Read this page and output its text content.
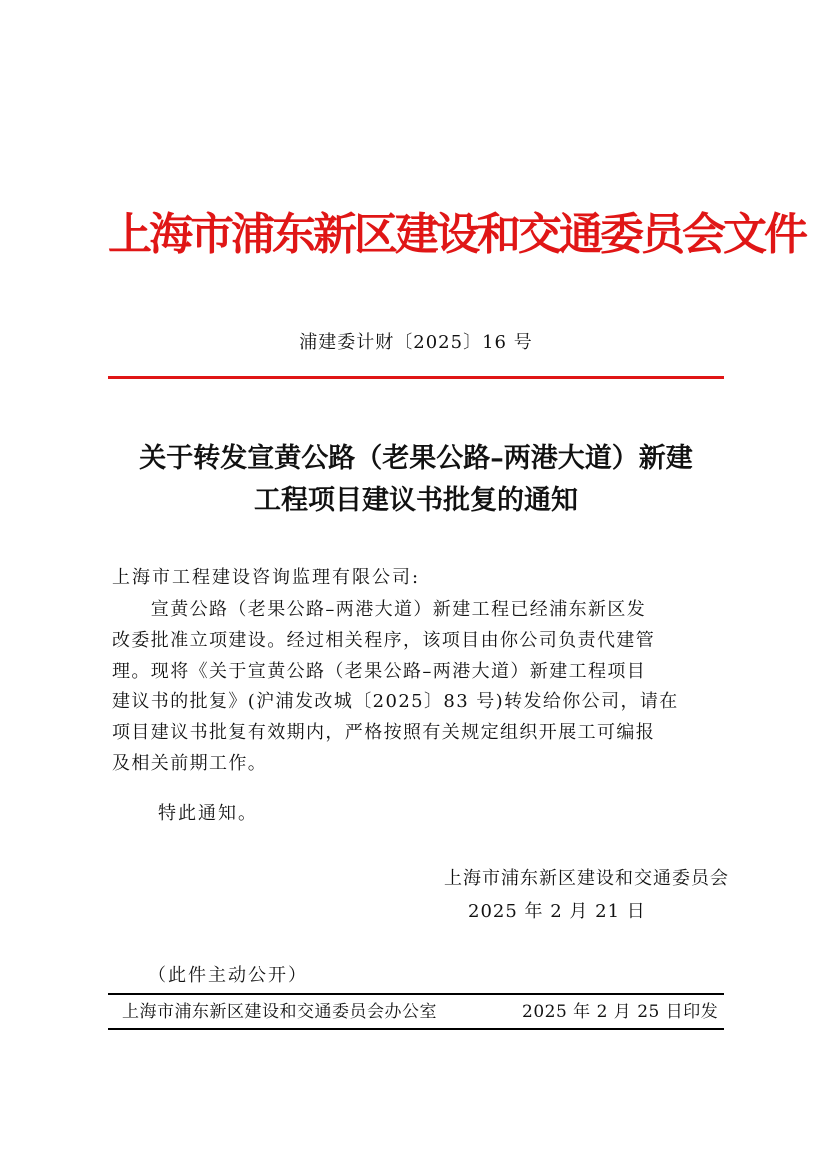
上海市浦东新区建设和交通委员会文件
浦建委计财〔2025〕16 号
关于转发宣黄公路（老果公路–两港大道）新建
工程项目建议书批复的通知
上海市工程建设咨询监理有限公司:
　　宣黄公路（老果公路–两港大道）新建工程已经浦东新区发
改委批准立项建设。经过相关程序，该项目由你公司负责代建管
理。现将《关于宣黄公路（老果公路–两港大道）新建工程项目
建议书的批复》(沪浦发改城〔2025〕83 号)转发给你公司，请在
项目建议书批复有效期内，严格按照有关规定组织开展工可编报
及相关前期工作。
特此通知。
上海市浦东新区建设和交通委员会
2025 年 2 月 21 日
（此件主动公开）
上海市浦东新区建设和交通委员会办公室	2025 年 2 月 25 日印发
